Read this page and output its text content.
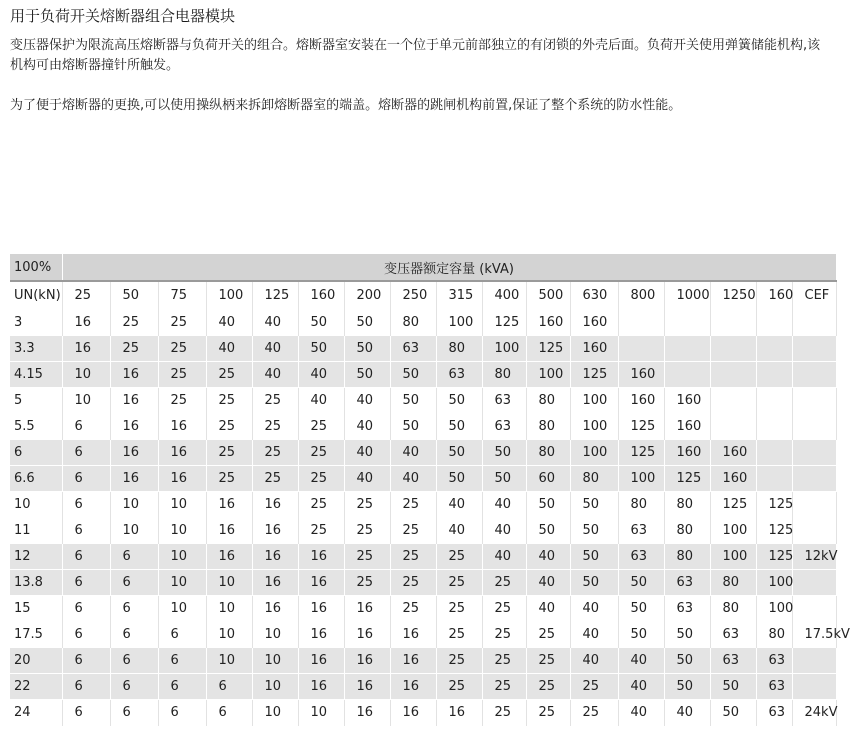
用于负荷开关熔断器组合电器模块
变压器保护为限流高压熔断器与负荷开关的组合。熔断器室安装在一个位于单元前部独立的有闭锁的外壳后面。负荷开关使用弹簧储能机构,该机构可由熔断器撞针所触发。
为了便于熔断器的更换,可以使用操纵柄来拆卸熔断器室的端盖。熔断器的跳闸机构前置,保证了整个系统的防水性能。
100%	变压器额定容量 (kVA)																
UN(kN)	25	50	75	100	125	160	200	250	315	400	500	630	800	1000	1250	160	CEF
3	16	25	25	40	40	50	50	80	100	125	160	160					
3.3	16	25	25	40	40	50	50	63	80	100	125	160					
4.15	10	16	25	25	40	40	50	50	63	80	100	125	160				
5	10	16	25	25	25	40	40	50	50	63	80	100	160	160			
5.5	6	16	16	25	25	25	40	50	50	63	80	100	125	160			
6	6	16	16	25	25	25	40	40	50	50	80	100	125	160	160		
6.6	6	16	16	25	25	25	40	40	50	50	60	80	100	125	160		
10	6	10	10	16	16	25	25	25	40	40	50	50	80	80	125	125	
11	6	10	10	16	16	25	25	25	40	40	50	50	63	80	100	125	
12	6	6	10	16	16	16	25	25	25	40	40	50	63	80	100	125	12kV
13.8	6	6	10	10	16	16	25	25	25	25	40	50	50	63	80	100	
15	6	6	10	10	16	16	16	25	25	25	40	40	50	63	80	100	
17.5	6	6	6	10	10	16	16	16	25	25	25	40	50	50	63	80	17.5kV
20	6	6	6	10	10	16	16	16	25	25	25	40	40	50	63	63	
22	6	6	6	6	10	16	16	16	25	25	25	25	40	50	50	63	
24	6	6	6	6	10	10	16	16	16	25	25	25	40	40	50	63	24kV
